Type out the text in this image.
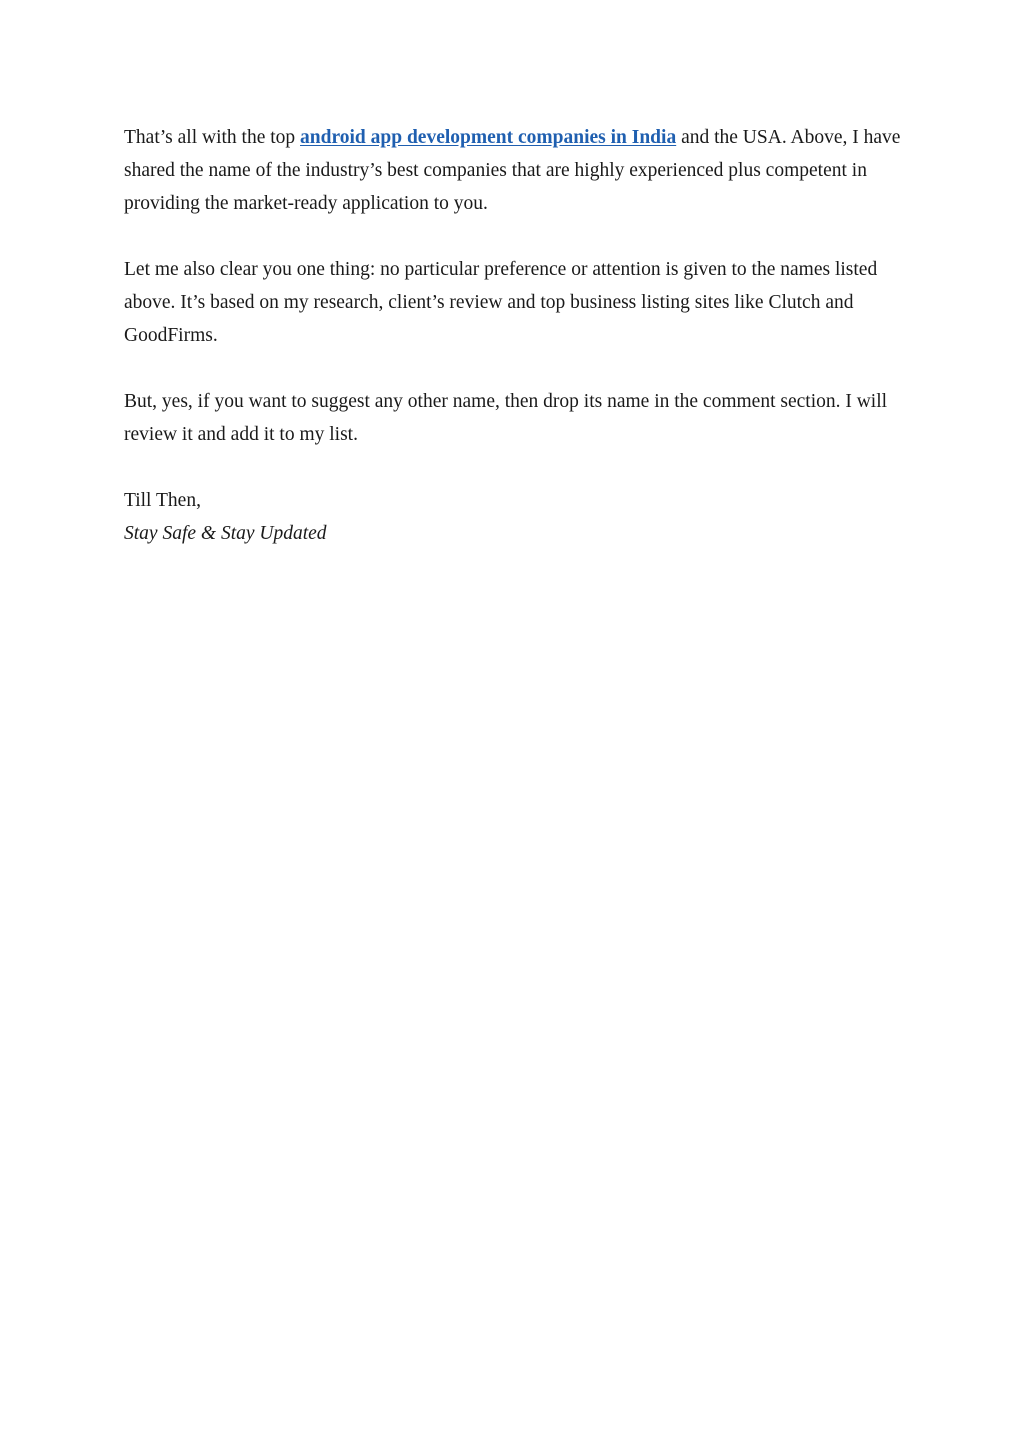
That’s all with the top android app development companies in India and the USA. Above, I have shared the name of the industry’s best companies that are highly experienced plus competent in providing the market-ready application to you.

Let me also clear you one thing: no particular preference or attention is given to the names listed above. It’s based on my research, client’s review and top business listing sites like Clutch and GoodFirms.

But, yes, if you want to suggest any other name, then drop its name in the comment section. I will review it and add it to my list.

Till Then,
Stay Safe & Stay Updated
